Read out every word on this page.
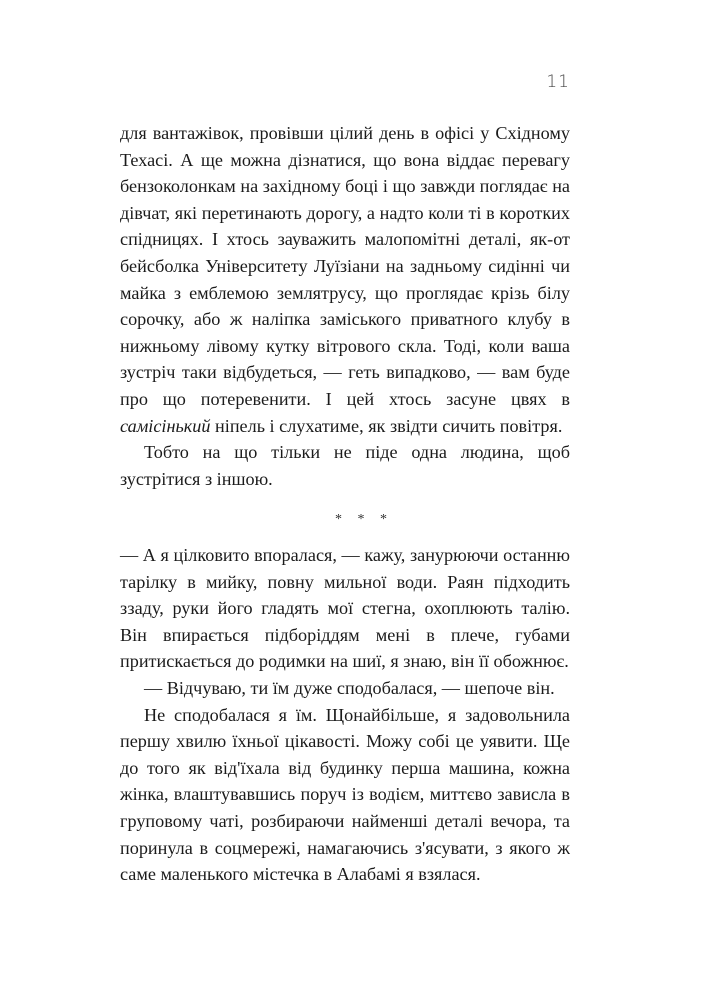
11

для вантажівок, провівши цілий день в офісі у Східному Техасі. А ще можна дізнатися, що вона віддає перевагу бензоколонкам на західному боці і що завжди поглядає на дівчат, які перетинають дорогу, а надто коли ті в коротких спідницях. І хтось зауважить малопомітні деталі, як-от бейсболка Університету Луїзіани на задньому сидінні чи майка з емблемою землятрусу, що проглядає крізь білу сорочку, або ж наліпка заміського приватного клубу в нижньому лівому кутку вітрового скла. Тоді, коли ваша зустріч таки відбудеться, — геть випадково, — вам буде про що потеревенити. І цей хтось засуне цвях в самісінький ніпель і слухатиме, як звідти сичить повітря.

Тобто на що тільки не піде одна людина, щоб зустрітися з іншою.

* * *

— А я цілковито впоралася, — кажу, занурюючи останню тарілку в мийку, повну мильної води. Раян підходить ззаду, руки його гладять мої стегна, охоплюють талію. Він впирається підборіддям мені в плече, губами притискається до родимки на шиї, я знаю, він її обожнює.

— Відчуваю, ти їм дуже сподобалася, — шепоче він.

Не сподобалася я їм. Щонайбільше, я задовольнила першу хвилю їхньої цікавості. Можу собі це уявити. Ще до того як від'їхала від будинку перша машина, кожна жінка, влаштувавшись поруч із водієм, миттєво зависла в груповому чаті, розбираючи найменші деталі вечора, та поринула в соцмережі, намагаючись з'ясувати, з якого ж саме маленького містечка в Алабамі я взялася.
